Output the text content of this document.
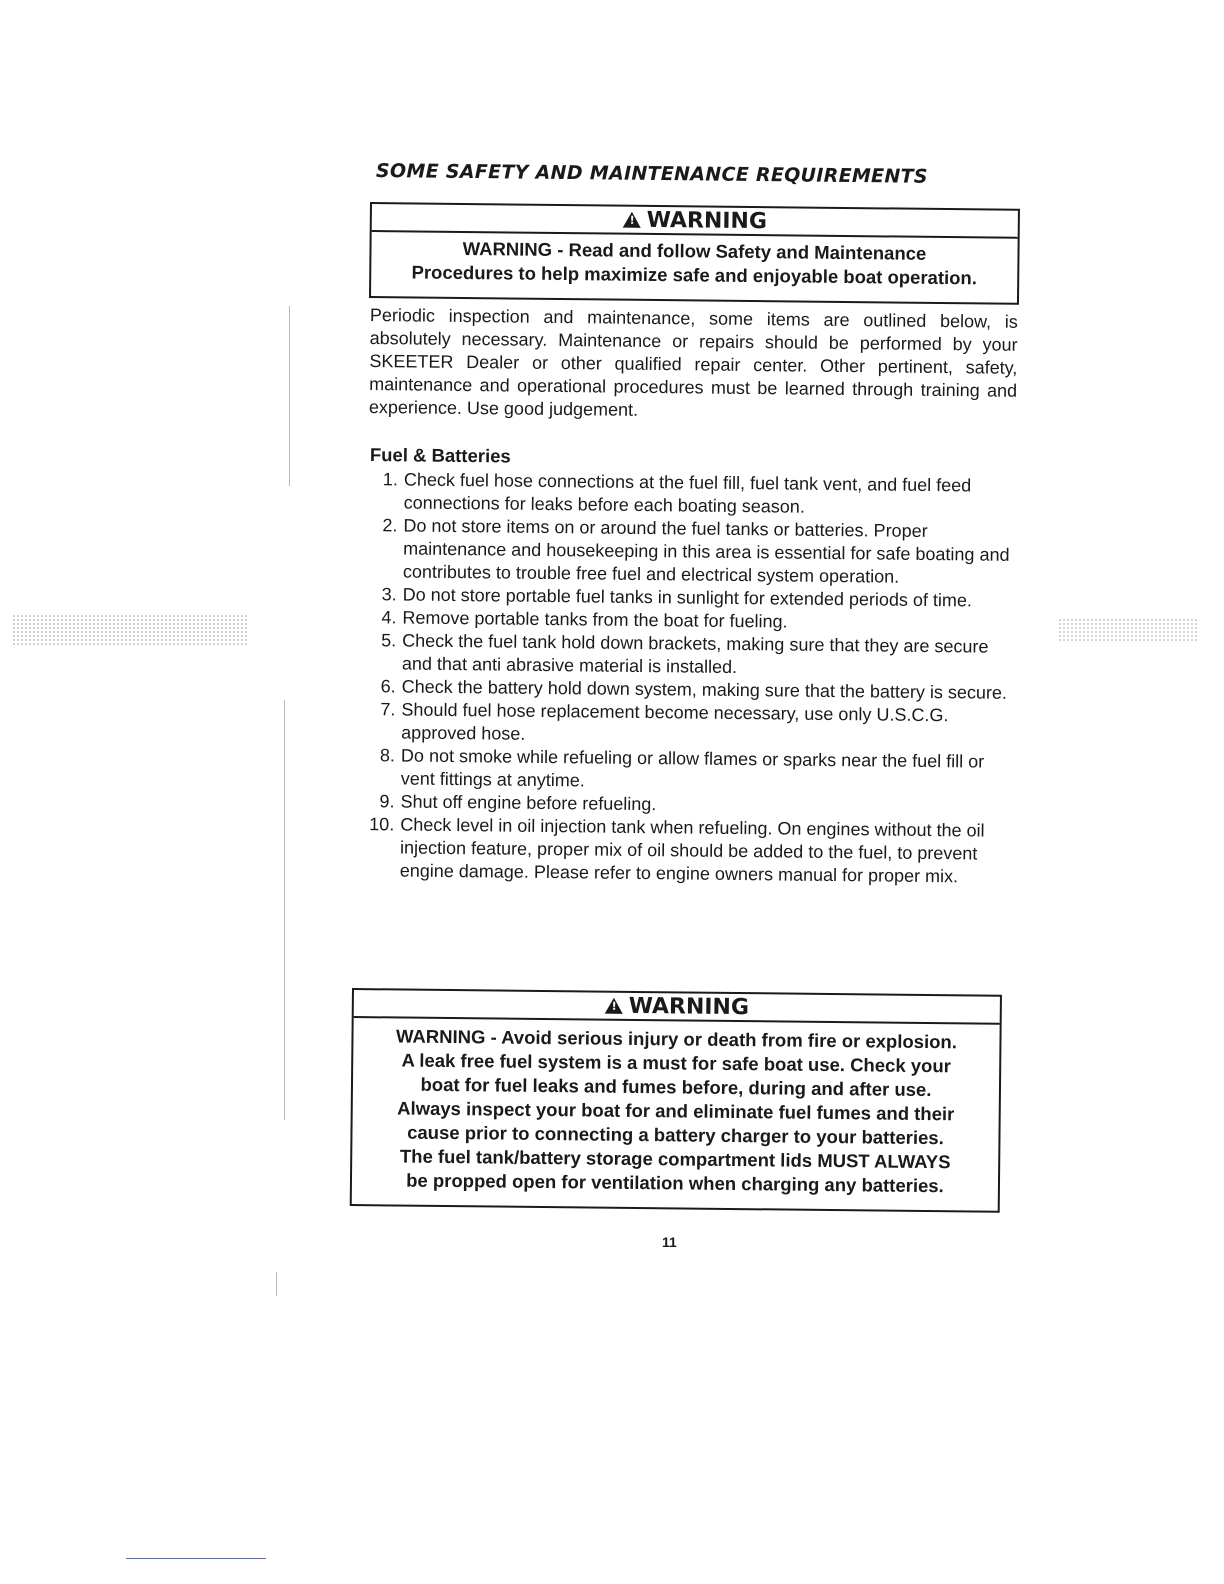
SOME SAFETY AND MAINTENANCE REQUIREMENTS
!WARNING
WARNING - Read and follow Safety and Maintenance
Procedures to help maximize safe and enjoyable boat operation.

Periodic inspection and maintenance, some items are outlined below, is absolutely necessary. Maintenance or repairs should be performed by your SKEETER Dealer or other qualified repair center. Other pertinent, safety, maintenance and operational procedures must be learned through training and experience. Use good judgement.

Fuel & Batteries
1. Check fuel hose connections at the fuel fill, fuel tank vent, and fuel feed connections for leaks before each boating season.
2. Do not store items on or around the fuel tanks or batteries. Proper maintenance and housekeeping in this area is essential for safe boating and contributes to trouble free fuel and electrical system operation.
3. Do not store portable fuel tanks in sunlight for extended periods of time.
4. Remove portable tanks from the boat for fueling.
5. Check the fuel tank hold down brackets, making sure that they are secure and that anti abrasive material is installed.
6. Check the battery hold down system, making sure that the battery is secure.
7. Should fuel hose replacement become necessary, use only U.S.C.G. approved hose.
8. Do not smoke while refueling or allow flames or sparks near the fuel fill or vent fittings at anytime.
9. Shut off engine before refueling.
10. Check level in oil injection tank when refueling. On engines without the oil injection feature, proper mix of oil should be added to the fuel, to prevent engine damage. Please refer to engine owners manual for proper mix.
!WARNING
WARNING - Avoid serious injury or death from fire or explosion.
A leak free fuel system is a must for safe boat use. Check your
boat for fuel leaks and fumes before, during and after use.
Always inspect your boat for and eliminate fuel fumes and their
cause prior to connecting a battery charger to your batteries.
The fuel tank/battery storage compartment lids MUST ALWAYS
be propped open for ventilation when charging any batteries.
11
